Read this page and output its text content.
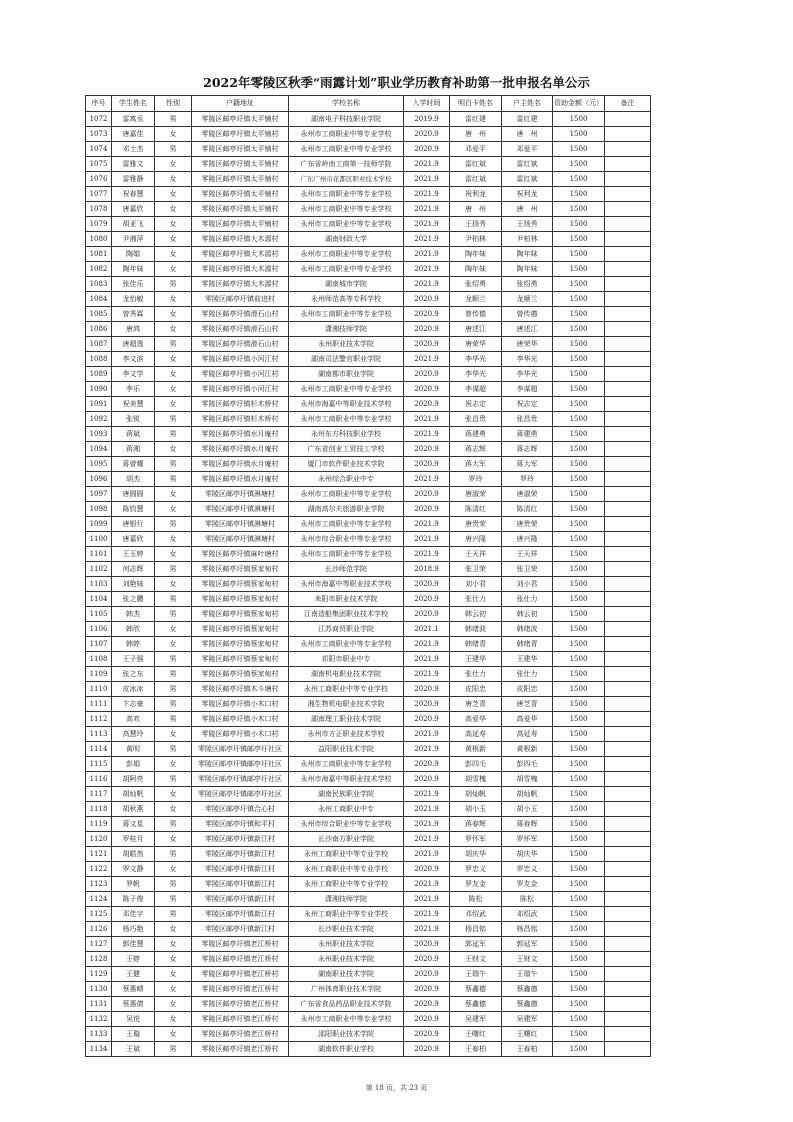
2022年零陵区秋季“雨露计划”职业学历教育补助第一批申报名单公示
序号	学生姓名	性别	户籍地址	学校名称	入学时间	明白卡姓名	户主姓名	资助金额（元）	备注
1072	雷寓丞	男	零陵区邮亭圩镇太平铺村	湖南电子科技职业学院	2019.9	雷红建	雷红建	1500	
1073	唐嘉佳	女	零陵区邮亭圩镇太平铺村	永州市工商职业中等专业学校	2020.9	唐　州	唐　州	1500	
1074	邓士杰	男	零陵区邮亭圩镇太平铺村	永州市工商职业中等专业学校	2020.9	邓爱平	邓爱平	1500	
1075	雷雅文	女	零陵区邮亭圩镇太平铺村	广东省岭南工商第一技师学院	2021.9	雷红斌	雷红斌	1500	
1076	雷雅静	女	零陵区邮亭圩镇太平铺村	广东广州市花都区职业技术学校	2021.9	雷红斌	雷红斌	1500	
1077	祝春慧	女	零陵区邮亭圩镇太平铺村	永州市工商职业中等专业学校	2021.9	祝利龙	祝利龙	1500	
1078	唐嘉欣	女	零陵区邮亭圩镇太平铺村	永州市工商职业中等专业学校	2021.9	唐　州	唐　州	1500	
1079	胡亚飞	女	零陵区邮亭圩镇太平铺村	永州市工商职业中等专业学校	2021.9	王扬秀	王扬秀	1500	
1080	尹湘萍	女	零陵区邮亭圩镇大木源村	湖南财政大学	2021.9	尹柏林	尹柏林	1500	
1081	陶娟	女	零陵区邮亭圩镇大木源村	永州市工商职业中等专业学校	2021.9	陶年妹	陶年妹	1500	
1082	陶年妹	女	零陵区邮亭圩镇大木源村	永州市工商职业中等专业学校	2021.9	陶年妹	陶年妹	1500	
1083	张佳乐	男	零陵区邮亭圩镇大木源村	湖南城市学院	2021.9	张绍勇	张绍勇	1500	
1084	龙怡敏	女	零陵区邮亭圩镇前进村	永州师范高等专科学校	2020.9	龙顺兰	龙顺兰	1500	
1085	曾秀霖	女	零陵区邮亭圩镇滑石山村	永州市工商职业中等专业学校	2020.9	曾传德	曾传德	1500	
1086	唐鸿	女	零陵区邮亭圩镇滑石山村	潇湘技师学院	2020.9	唐述江	唐述江	1500	
1087	唐超逸	男	零陵区邮亭圩镇滑石山村	永州职业技术学院	2020.9	唐荣华	唐荣华	1500	
1088	李文滨	女	零陵区邮亭圩镇小河江村	湖南司法警官职业学院	2021.9	李华光	李华光	1500	
1089	李文学	女	零陵区邮亭圩镇小河江村	湖南都市职业学院	2020.9	李华光	李华光	1500	
1090	李乐	女	零陵区邮亭圩镇小河江村	永州市工商职业中等专业学校	2020.9	李谋超	李谋超	1500	
1091	祝美慧	女	零陵区邮亭圩镇杉木桥村	永州市海嘉中等职业技术学校	2020.9	祝志定	祝志定	1500	
1092	张锐	男	零陵区邮亭圩镇杉木桥村	永州市工商职业中等专业学校	2021.9	张昌贵	张昌贵	1500	
1093	蒋斌	男	零陵区邮亭圩镇水月庵村	永州东方科技职业学校	2021.9	蒋建勇	蒋建勇	1500	
1094	蒋湘	女	零陵区邮亭圩镇水月庵村	广东省创业工贸技工学校	2020.9	蒋志辉	蒋志辉	1500	
1095	蒋曾耀	男	零陵区邮亭圩镇水月庵村	厦门市软件职业技术学院	2020.9	蒋大军	蒋大军	1500	
1096	胡杰	男	零陵区邮亭圩镇水月庵村	永州综合职业中专	2021.9	罗玲	罗玲	1500	
1097	唐圆圆	女	零陵区邮亭圩镇淋塘村	永州市工商职业中等专业学校	2020.9	唐淑荣	唐淑荣	1500	
1098	陈钧慧	女	零陵区邮亭圩镇淋塘村	湖南高尔夫旅游职业学院	2020.9	陈清红	陈清红	1500	
1099	唐银行	男	零陵区邮亭圩镇淋塘村	永州市工商职业中等专业学校	2021.9	唐贵荣	唐贵荣	1500	
1100	唐嘉欣	女	零陵区邮亭圩镇淋塘村	永州市综合职业中等专业学校	2021.9	唐兴隆	唐兴隆	1500	
1101	王玉婷	女	零陵区邮亭圩镇麻叶塘村	永州市工商职业中等专业学校	2021.9	王天祥	王天祥	1500	
1102	何志辉	男	零陵区邮亭圩镇蔡家甸村	长沙师范学院	2018.9	张卫荣	张卫荣	1500	
1103	刘艳妹	女	零陵区邮亭圩镇蔡家甸村	永州市海嘉中等职业技术学校	2020.9	刘小君	刘小君	1500	
1104	张之鹏	男	零陵区邮亭圩镇蔡家甸村	耒阳市职业技术学院	2020.9	张仕力	张仕力	1500	
1105	韩杰	男	零陵区邮亭圩镇蔡家甸村	江南造船集团职业技术学校	2020.9	韩云初	韩云初	1500	
1106	韩欣	女	零陵区邮亭圩镇蔡家甸村	江苏商贸职业学院	2021.1	韩绪波	韩绪波	1500	
1107	韩婷	女	零陵区邮亭圩镇蔡家甸村	永州市工商职业中等专业学校	2021.9	韩绪青	韩绪青	1500	
1108	王子强	男	零陵区邮亭圩镇蔡家甸村	祁阳市职业中专	2021.9	王建华	王建华	1500	
1109	张之东	男	零陵区邮亭圩镇蔡家甸村	湖南机电职业技术学院	2021.9	张仕力	张仕力	1500	
1110	皮冰冰	男	零陵区邮亭圩镇木斗塘村	永州工商职业中等专业学校	2020.9	皮阳忠	皮阳忠	1500	
1111	卞志豪	男	零陵区邮亭圩镇小木口村	湘生物机电职业技术学院	2020.9	唐芝青	唐芝青	1500	
1112	高欢	男	零陵区邮亭圩镇小木口村	湖南理工职业技术学院	2020.9	高爱华	高爱华	1500	
1113	高慧玲	女	零陵区邮亭圩镇小木口村	永州市方正职业技术学校	2021.9	高延寿	高延寿	1500	
1114	黄明	男	零陵区邮亭圩镇邮亭圩社区	益阳职业技术学院	2021.9	黄根新	黄根新	1500	
1115	彭娟	女	零陵区邮亭圩镇邮亭圩社区	永州市工商职业中等专业学校	2020.9	彭四毛	彭四毛	1500	
1116	胡阿亮	男	零陵区邮亭圩镇邮亭圩社区	永州市海嘉中等职业技术学校	2020.9	胡雪槐	胡雪槐	1500	
1117	胡灿帆	女	零陵区邮亭圩镇邮亭圩社区	湖南民族职业学院	2021.9	胡灿帆	胡灿帆	1500	
1118	胡秋燕	女	零陵区邮亭圩镇合心村	永州工商职业中专	2021.9	胡小玉	胡小玉	1500	
1119	蒋文星	男	零陵区邮亭圩镇和平村	永州市综合职业中等专业学校	2021.9	蒋春辉	蒋春辉	1500	
1120	罗桂月	女	零陵区邮亭圩镇新江村	长沙南方职业学院	2021.9	罗怀军	罗怀军	1500	
1121	胡皓然	男	零陵区邮亭圩镇新江村	永州工商职业中等专业学校	2021.9	胡庆华	胡庆华	1500	
1122	罗文静	女	零陵区邮亭圩镇新江村	永州工商职业中等专业学校	2020.9	罗忠义	罗忠义	1500	
1123	罗帆	男	零陵区邮亭圩镇新江村	永州工商职业中等专业学校	2021.9	罗友金	罗友金	1500	
1124	陈子俊	男	零陵区邮亭圩镇新江村	潇湘技师学院	2021.9	陈松	陈松	1500	
1125	邓佳宇	男	零陵区邮亭圩镇新江村	永州工商职业中等专业学校	2021.9	邓绍武	邓绍武	1500	
1126	杨巧艳	女	零陵区邮亭圩镇新江村	长沙职业技术学院	2021.9	杨昌铭	杨昌铭	1500	
1127	郭佳慧	女	零陵区邮亭圩镇老江桥村	永州职业技术学院	2020.9	郭延军	郭延军	1500	
1128	王婷	女	零陵区邮亭圩镇老江桥村	永州职业技术学院	2020.9	王财文	王财文	1500	
1129	王健	女	零陵区邮亭圩镇老江桥村	湖南职业技术学院	2020.9	王瑞午	王瑞午	1500	
1130	蔡惠晴	女	零陵区邮亭圩镇老江桥村	广州体育职业技术学院	2020.9	蔡鑫德	蔡鑫德	1500	
1131	蔡惠倩	女	零陵区邮亭圩镇老江桥村	广东省食品药品职业技术学院	2020.9	蔡鑫德	蔡鑫德	1500	
1132	吴悦	女	零陵区邮亭圩镇老江桥村	永州市工商职业中等专业学校	2020.9	吴建军	吴建军	1500	
1133	王璇	女	零陵区邮亭圩镇老江桥村	邵阳职业技术学院	2020.9	王曙红	王曙红	1500	
1134	王斌	男	零陵区邮亭圩镇老江桥村	湖南软件职业学校	2020.9	王春柏	王春柏	1500	
第 18 页，共 23 页
